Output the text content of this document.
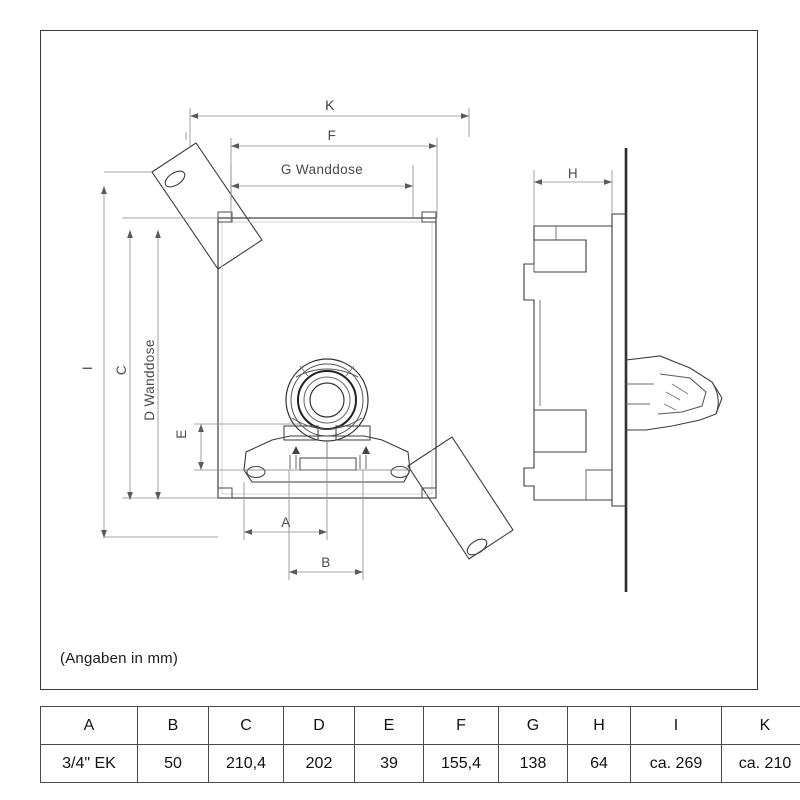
K
F
G Wanddose	H
C
I	D Wanddose
E
A
B
(Angaben in mm)
A	B	C	D	E	F	G	H	I	K
3/4" EK	50	210,4	202	39	155,4	138	64	ca. 269	ca. 210
